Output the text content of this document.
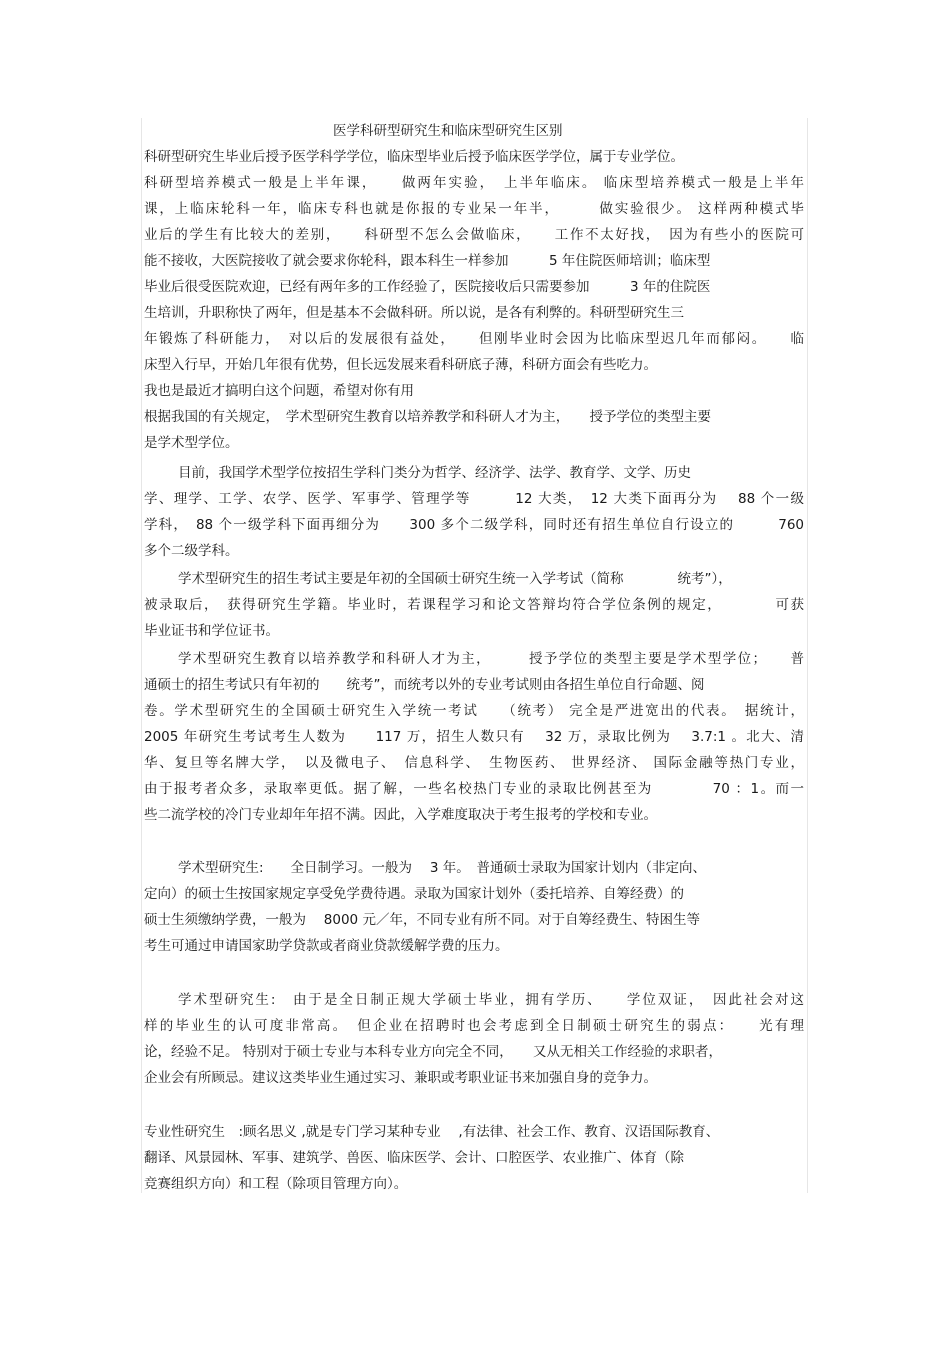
医学科研型研究生和临床型研究生区别
科研型研究生毕业后授予医学科学学位，临床型毕业后授予临床医学学位，属于专业学位。
科研型培养模式一般是上半年课，　　做两年实验，　上半年临床。 临床型培养模式一般是上半年
课，上临床轮科一年，临床专科也就是你报的专业呆一年半，　　　做实验很少。 这样两种模式毕
业后的学生有比较大的差别，　　科研型不怎么会做临床，　　工作不太好找，　因为有些小的医院可
能不接收，大医院接收了就会要求你轮科，跟本科生一样参加　　　5 年住院医师培训；临床型
毕业后很受医院欢迎，已经有两年多的工作经验了，医院接收后只需要参加　　　3 年的住院医
生培训，升职称快了两年，但是基本不会做科研。所以说，是各有利弊的。科研型研究生三
年锻炼了科研能力，　对以后的发展很有益处，　　但刚毕业时会因为比临床型迟几年而郁闷。　　临
床型入行早，开始几年很有优势，但长远发展来看科研底子薄，科研方面会有些吃力。
我也是最近才搞明白这个问题，希望对你有用
根据我国的有关规定，　学术型研究生教育以培养教学和科研人才为主，　　授予学位的类型主要
是学术型学位。
目前，我国学术型学位按招生学科门类分为哲学、经济学、法学、教育学、文学、历史
学、理学、工学、农学、医学、军事学、管理学等　　　12 大类，　12 大类下面再分为　 88 个一级
学科，　88 个一级学科下面再细分为　　300 多个二级学科，同时还有招生单位自行设立的　　　760
多个二级学科。
学术型研究生的招生考试主要是年初的全国硕士研究生统一入学考试（简称　　　　统考”），
被录取后，　获得研究生学籍。毕业时，若课程学习和论文答辩均符合学位条例的规定，　　　　可获
毕业证书和学位证书。
学术型研究生教育以培养教学和科研人才为主，　　　授予学位的类型主要是学术型学位；　　普
通硕士的招生考试只有年初的　　统考”，而统考以外的专业考试则由各招生单位自行命题、阅
卷。学术型研究生的全国硕士研究生入学统一考试　　（统考） 完全是严进宽出的代表。　据统计，
2005 年研究生考试考生人数为　　117 万，招生人数只有　 32 万，录取比例为　 3.7:1 。北大、清
华、复旦等名牌大学，　以及微电子、　信息科学、　生物医药、 世界经济、 国际金融等热门专业，
由于报考者众多，录取率更低。据了解，一些名校热门专业的录取比例甚至为　　　　70 ：1。而一
些二流学校的冷门专业却年年招不满。因此，入学难度取决于考生报考的学校和专业。
学术型研究生:　　全日制学习。一般为　 3 年。　普通硕士录取为国家计划内（非定向、
定向）的硕士生按国家规定享受免学费待遇。录取为国家计划外（委托培养、自筹经费）的
硕士生须缴纳学费，一般为　 8000 元／年，不同专业有所不同。对于自筹经费生、特困生等
考生可通过申请国家助学贷款或者商业贷款缓解学费的压力。
学术型研究生:　由于是全日制正规大学硕士毕业，拥有学历、　　学位双证，　因此社会对这
样的毕业生的认可度非常高。　但企业在招聘时也会考虑到全日制硕士研究生的弱点：　　光有理
论，经验不足。 特别对于硕士专业与本科专业方向完全不同，　　又从无相关工作经验的求职者，
企业会有所顾忌。建议这类毕业生通过实习、兼职或考职业证书来加强自身的竞争力。
专业性研究生　:顾名思义 ,就是专门学习某种专业　 ,有法律、社会工作、教育、汉语国际教育、
翻译、风景园林、军事、建筑学、兽医、临床医学、会计、口腔医学、农业推广、体育（除
竞赛组织方向）和工程（除项目管理方向）。
